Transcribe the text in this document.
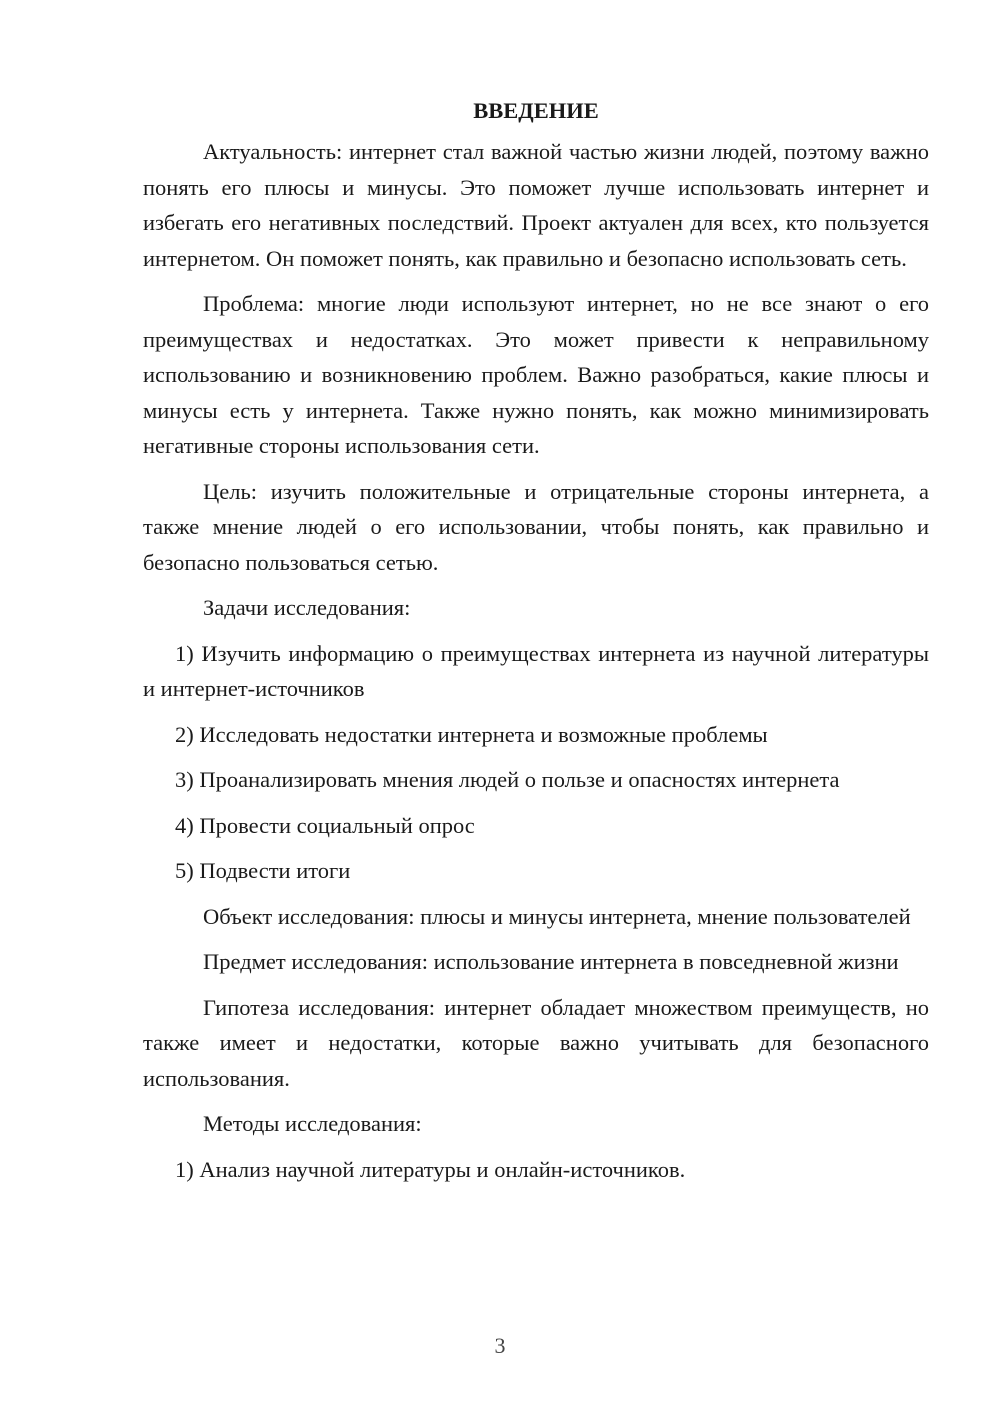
ВВЕДЕНИЕ

Актуальность: интернет стал важной частью жизни людей, поэтому важно понять его плюсы и минусы. Это поможет лучше использовать интернет и избегать его негативных последствий. Проект актуален для всех, кто пользуется интернетом. Он поможет понять, как правильно и безопасно использовать сеть.

Проблема: многие люди используют интернет, но не все знают о его преимуществах и недостатках. Это может привести к неправильному использованию и возникновению проблем. Важно разобраться, какие плюсы и минусы есть у интернета. Также нужно понять, как можно минимизировать негативные стороны использования сети.

Цель: изучить положительные и отрицательные стороны интернета, а также мнение людей о его использовании, чтобы понять, как правильно и безопасно пользоваться сетью.

Задачи исследования:

1) Изучить информацию о преимуществах интернета из научной литературы и интернет-источников

2) Исследовать недостатки интернета и возможные проблемы

3) Проанализировать мнения людей о пользе и опасностях интернета

4) Провести социальный опрос

5) Подвести итоги

Объект исследования: плюсы и минусы интернета, мнение пользователей

Предмет исследования: использование интернета в повседневной жизни

Гипотеза исследования: интернет обладает множеством преимуществ, но также имеет и недостатки, которые важно учитывать для безопасного использования.

Методы исследования:

1) Анализ научной литературы и онлайн-источников.

3
